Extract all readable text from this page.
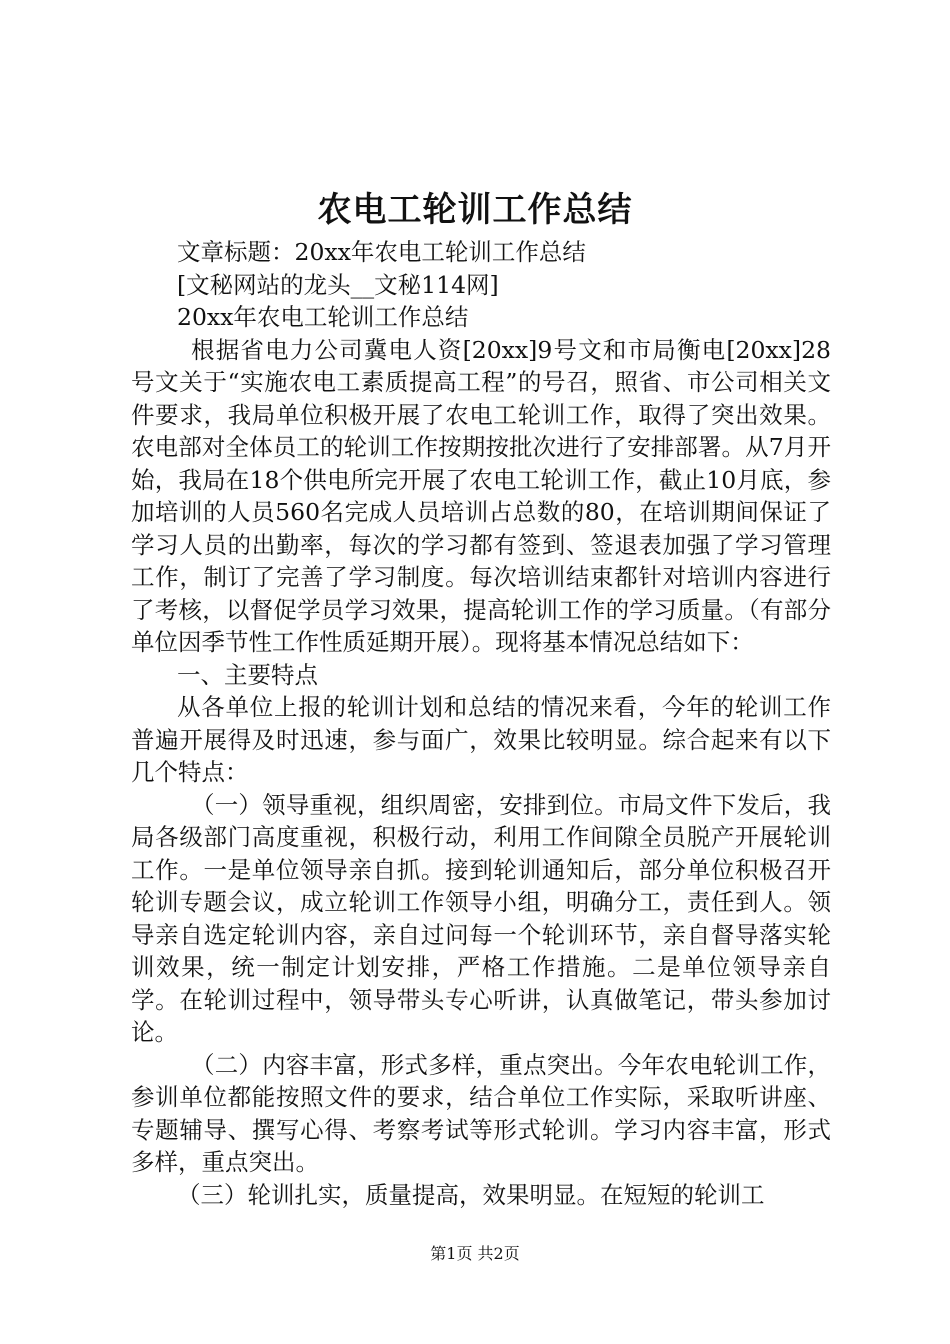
农电工轮训工作总结
文章标题：20xx年农电工轮训工作总结
[文秘网站的龙头__文秘114网]
20xx年农电工轮训工作总结

根据省电力公司冀电人资[20xx]9号文和市局衡电[20xx]28号文关于“实施农电工素质提高工程”的号召，照省、市公司相关文件要求，我局单位积极开展了农电工轮训工作，取得了突出效果。农电部对全体员工的轮训工作按期按批次进行了安排部署。从7月开始，我局在18个供电所完开展了农电工轮训工作，截止10月底，参加培训的人员560名完成人员培训占总数的80，在培训期间保证了学习人员的出勤率，每次的学习都有签到、签退表加强了学习管理工作，制订了完善了学习制度。每次培训结束都针对培训内容进行了考核，以督促学员学习效果，提高轮训工作的学习质量。（有部分单位因季节性工作性质延期开展）。现将基本情况总结如下：

一、主要特点

从各单位上报的轮训计划和总结的情况来看，今年的轮训工作普遍开展得及时迅速，参与面广，效果比较明显。综合起来有以下几个特点：

（一）领导重视，组织周密，安排到位。市局文件下发后，我局各级部门高度重视，积极行动，利用工作间隙全员脱产开展轮训工作。一是单位领导亲自抓。接到轮训通知后，部分单位积极召开轮训专题会议，成立轮训工作领导小组，明确分工，责任到人。领导亲自选定轮训内容，亲自过问每一个轮训环节，亲自督导落实轮训效果，统一制定计划安排，严格工作措施。二是单位领导亲自学。在轮训过程中，领导带头专心听讲，认真做笔记，带头参加讨论。

（二）内容丰富，形式多样，重点突出。今年农电轮训工作，参训单位都能按照文件的要求，结合单位工作实际，采取听讲座、专题辅导、撰写心得、考察考试等形式轮训。学习内容丰富，形式多样，重点突出。

（三）轮训扎实，质量提高，效果明显。在短短的轮训工

第1页 共2页
